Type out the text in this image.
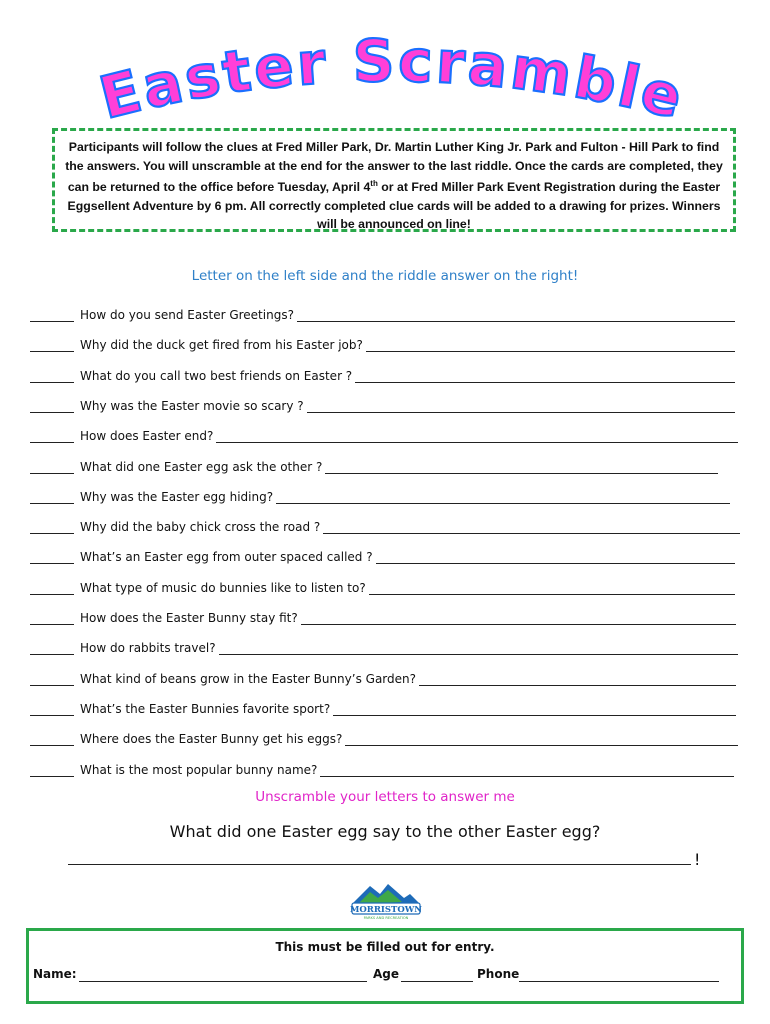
Easter Scramble
Participants will follow the clues at Fred Miller Park, Dr. Martin Luther King Jr. Park and Fulton - Hill Park to find the answers. You will unscramble at the end for the answer to the last riddle. Once the cards are completed, they can be returned to the office before Tuesday, April 4th or at Fred Miller Park Event Registration during the Easter Eggsellent Adventure by 6 pm. All correctly completed clue cards will be added to a drawing for prizes. Winners will be announced on line!
Letter on the left side and the riddle answer on the right!
How do you send Easter Greetings?
Why did the duck get fired from his Easter job?
What do you call two best friends on Easter ?
Why was the Easter movie so scary ?
How does Easter end?
What did one Easter egg ask the other ?
Why was the Easter egg hiding?
Why did the baby chick cross the road ?
What’s an Easter egg from outer spaced called ?
What type of music do bunnies like to listen to?
How does the Easter Bunny stay fit?
How do rabbits travel?
What kind of beans grow in the Easter Bunny’s Garden?
What’s the Easter Bunnies favorite sport?
Where does the Easter Bunny get his eggs?
What is the most popular bunny name?
Unscramble your letters to answer me
What did one Easter egg say to the other Easter egg?
!
MORRISTOWN
PARKS AND RECREATION
This must be filled out for entry.
Name:	Age	Phone
